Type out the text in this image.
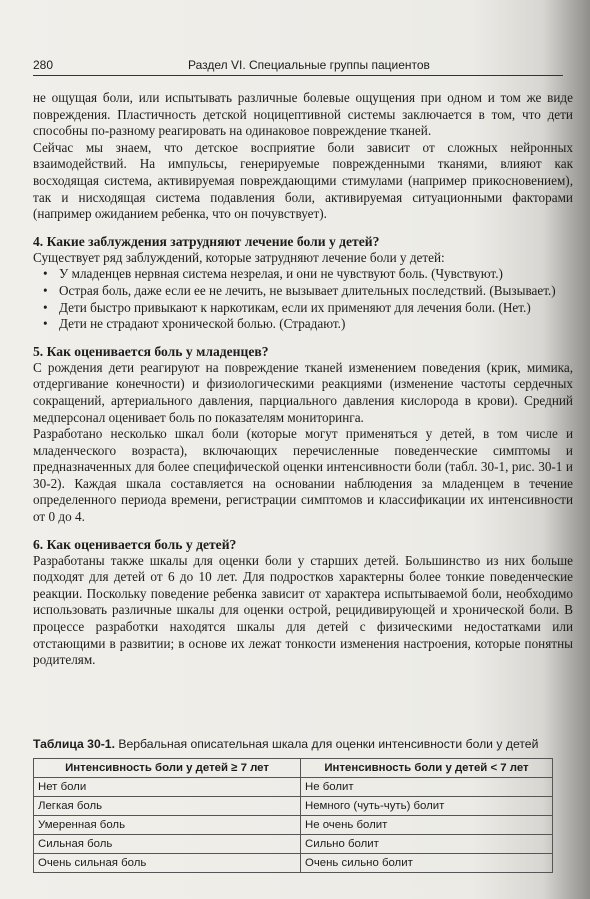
280	Раздел VI. Специальные группы пациентов

не ощущая боли, или испытывать различные болевые ощущения при одном и том же виде повреждения. Пластичность детской ноцицептивной системы заключается в том, что дети способны по-разному реагировать на одинаковое повреждение тканей.

Сейчас мы знаем, что детское восприятие боли зависит от сложных нейронных взаимодействий. На импульсы, генерируемые поврежденными тканями, влияют как восходящая система, активируемая повреждающими стимулами (например прикосновением), так и нисходящая система подавления боли, активируемая ситуационными факторами (например ожиданием ребенка, что он почувствует).

4. Какие заблуждения затрудняют лечение боли у детей?

Существует ряд заблуждений, которые затрудняют лечение боли у детей:

• У младенцев нервная система незрелая, и они не чувствуют боль. (Чувствуют.)
• Острая боль, даже если ее не лечить, не вызывает длительных последствий. (Вызывает.)
• Дети быстро привыкают к наркотикам, если их применяют для лечения боли. (Нет.)
• Дети не страдают хронической болью. (Страдают.)
5. Как оценивается боль у младенцев?

С рождения дети реагируют на повреждение тканей изменением поведения (крик, мимика, отдергивание конечности) и физиологическими реакциями (изменение частоты сердечных сокращений, артериального давления, парциального давления кислорода в крови). Средний медперсонал оценивает боль по показателям мониторинга.

Разработано несколько шкал боли (которые могут применяться у детей, в том числе и младенческого возраста), включающих перечисленные поведенческие симптомы и предназначенных для более специфической оценки интенсивности боли (табл. 30-1, рис. 30-1 и 30-2). Каждая шкала составляется на основании наблюдения за младенцем в течение определенного периода времени, регистрации симптомов и классификации их интенсивности от 0 до 4.

6. Как оценивается боль у детей?

Разработаны также шкалы для оценки боли у старших детей. Большинство из них больше подходят для детей от 6 до 10 лет. Для подростков характерны более тонкие поведенческие реакции. Поскольку поведение ребенка зависит от характера испытываемой боли, необходимо использовать различные шкалы для оценки острой, рецидивирующей и хронической боли. В процессе разработки находятся шкалы для детей с физическими недостатками или отстающими в развитии; в основе их лежат тонкости изменения настроения, которые понятны родителям.

Таблица 30-1. Вербальная описательная шкала для оценки интенсивности боли у детей
Интенсивность боли у детей ≥ 7 лет	Интенсивность боли у детей < 7 лет
Нет боли	Не болит
Легкая боль	Немного (чуть-чуть) болит
Умеренная боль	Не очень болит
Сильная боль	Сильно болит
Очень сильная боль	Очень сильно болит
